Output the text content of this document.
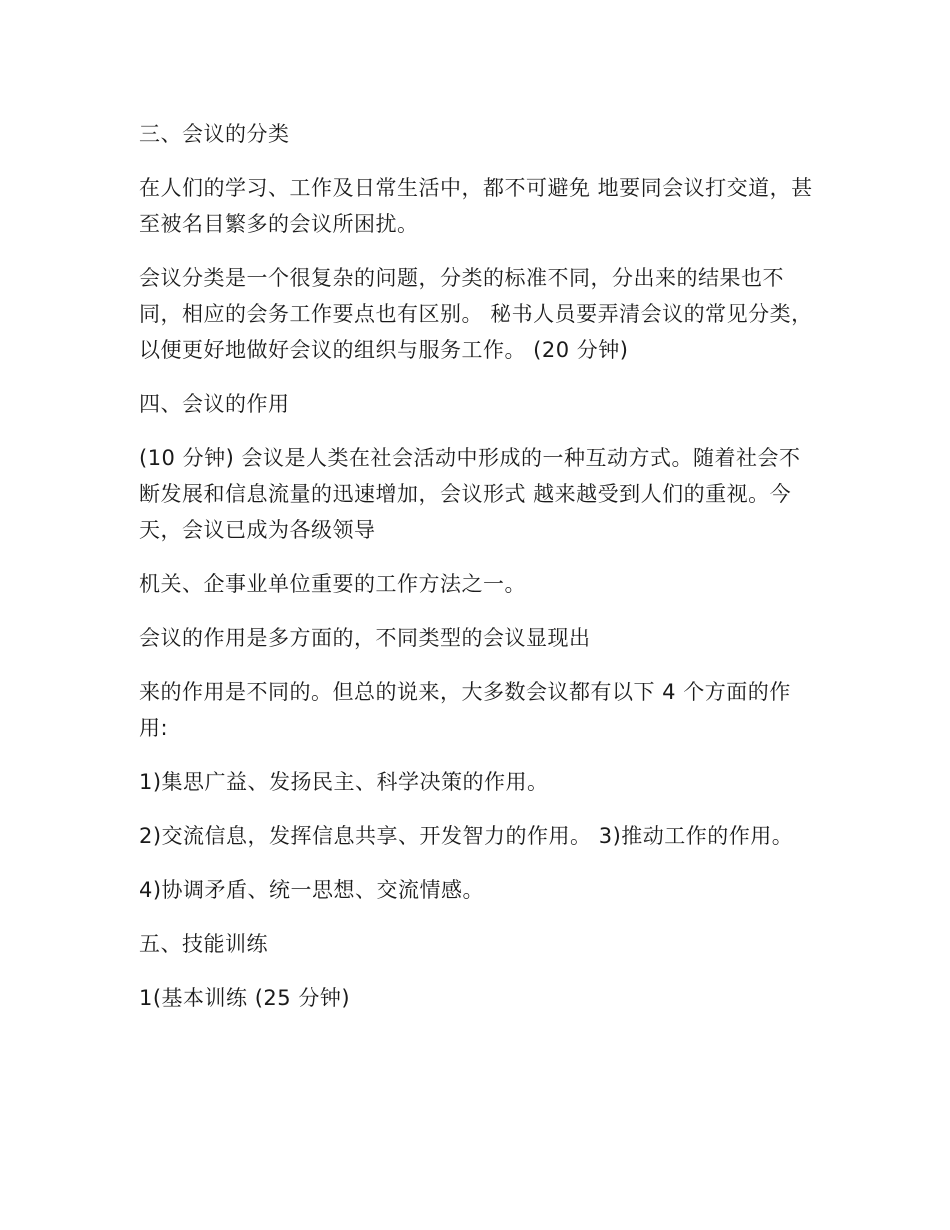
三、会议的分类

在人们的学习、工作及日常生活中，都不可避免 地要同会议打交道，甚至被名目繁多的会议所困扰。

会议分类是一个很复杂的问题，分类的标准不同，分出来的结果也不同，相应的会务工作要点也有区别。 秘书人员要弄清会议的常见分类，以便更好地做好会议的组织与服务工作。 (20 分钟)

四、会议的作用

(10 分钟) 会议是人类在社会活动中形成的一种互动方式。随着社会不断发展和信息流量的迅速增加，会议形式 越来越受到人们的重视。今天，会议已成为各级领导

机关、企事业单位重要的工作方法之一。

会议的作用是多方面的，不同类型的会议显现出

来的作用是不同的。但总的说来，大多数会议都有以下 4 个方面的作用:

1)集思广益、发扬民主、科学决策的作用。

2)交流信息，发挥信息共享、开发智力的作用。 3)推动工作的作用。

4)协调矛盾、统一思想、交流情感。

五、技能训练

1(基本训练 (25 分钟)
